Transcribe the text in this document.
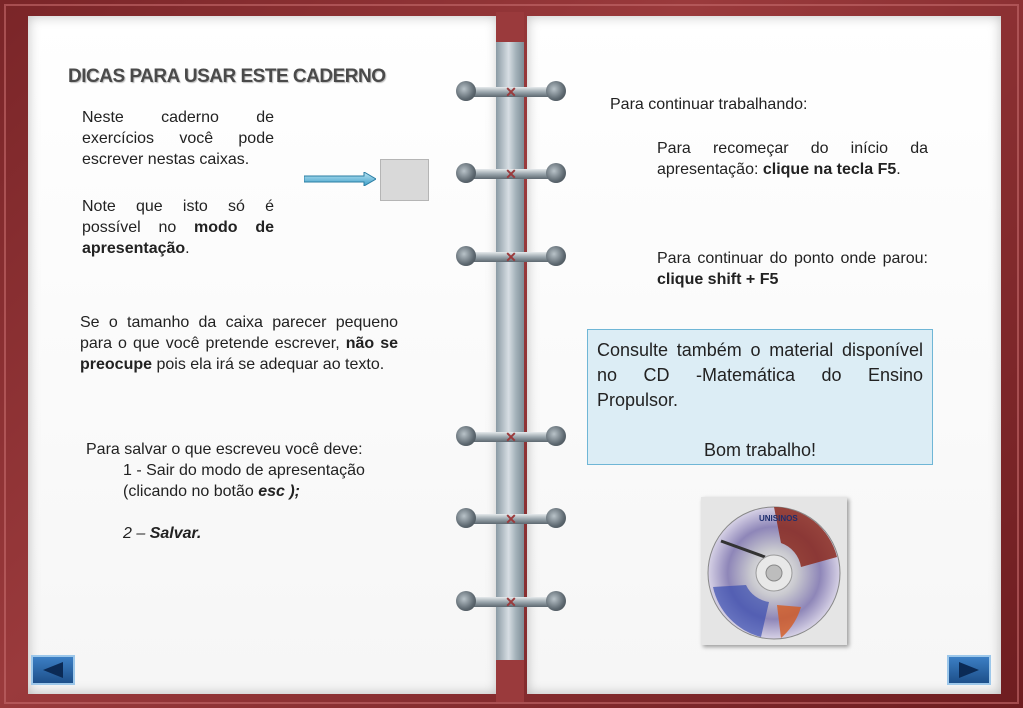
✕
✕
✕
✕
✕
✕
DICAS PARA USAR ESTE CADERNO
Neste caderno de exercícios você pode escrever nestas caixas.
Note que isto só é possível no modo de apresentação.
Se o tamanho da caixa parecer pequeno para o que você pretende escrever, não se preocupe pois ela irá se adequar ao texto.
Para salvar o que escreveu você deve:
1 - Sair do modo de apresentação
(clicando no botão esc );
2 – Salvar.
Para continuar trabalhando:
Para recomeçar do início da apresentação: clique na tecla F5.
Para continuar do ponto onde parou: clique shift + F5
Consulte também o material disponível no CD -Matemática do Ensino Propulsor.
Bom trabalho!
UNISINOS
